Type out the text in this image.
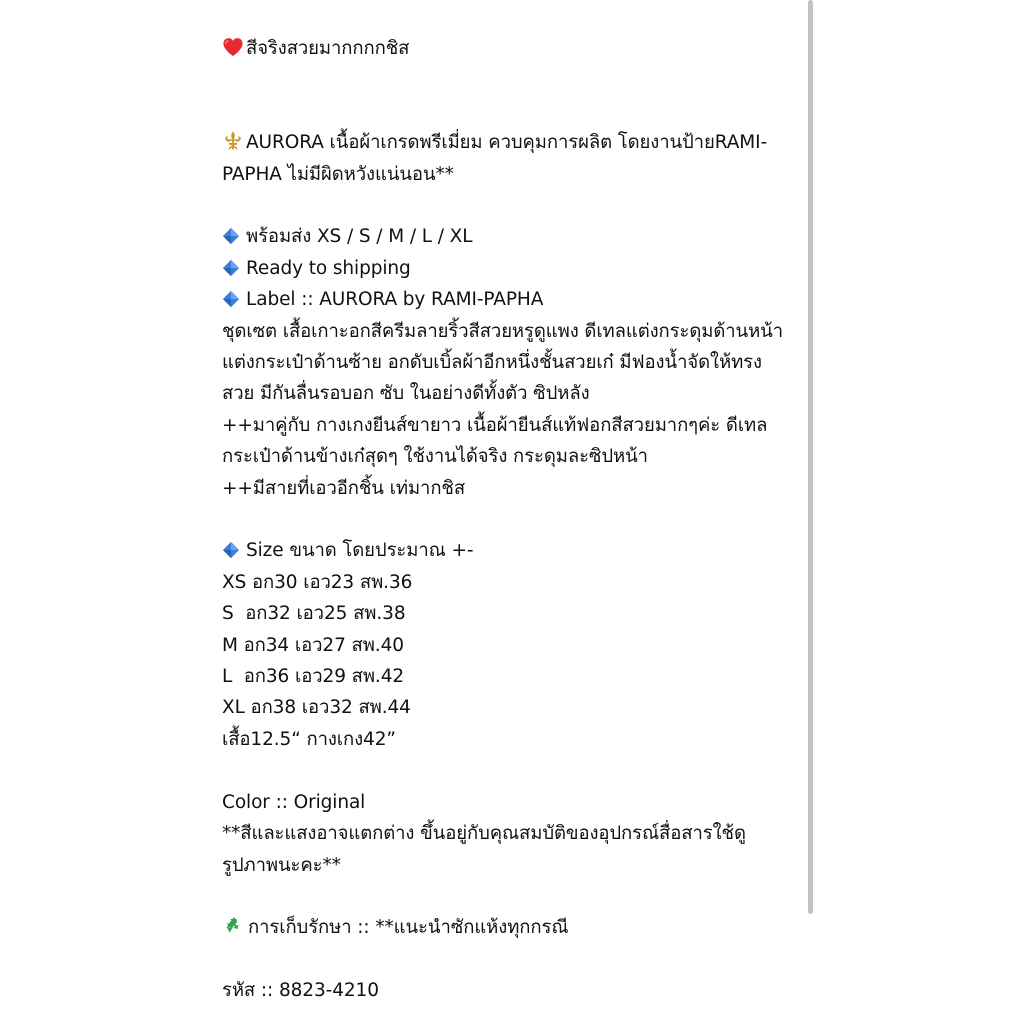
สีจริงสวยมากกกกชิส
AURORA เนื้อผ้าเกรดพรีเมี่ยม ควบคุมการผลิต โดยงานป้ายRAMI-
PAPHA ไม่มีผิดหวังแน่นอน**
พร้อมส่ง XS / S / M / L / XL
Ready to shipping
Label :: AURORA by RAMI-PAPHA
ชุดเซต เสื้อเกาะอกสีครีมลายริ้วสีสวยหรูดูแพง ดีเทลแต่งกระดุมด้านหน้า
แต่งกระเป๋าด้านซ้าย อกดับเบิ้ลผ้าอีกหนึ่งชั้นสวยเก๋ มีฟองน้ำจัดให้ทรง
สวย มีกันลื่นรอบอก ซับ ในอย่างดีทั้งตัว ซิปหลัง
++มาคู่กับ กางเกงยีนส์ขายาว เนื้อผ้ายีนส์แท้ฟอกสีสวยมากๆค่ะ ดีเทล
กระเป๋าด้านข้างเก๋สุดๆ ใช้งานได้จริง กระดุมละซิปหน้า
++มีสายที่เอวอีกชิ้น เท่มากชิส
Size ขนาด โดยประมาณ +-
XS อก30 เอว23 สพ.36
S  อก32 เอว25 สพ.38
M อก34 เอว27 สพ.40
L  อก36 เอว29 สพ.42
XL อก38 เอว32 สพ.44
เสื้อ12.5“ กางเกง42”
Color :: Original
**สีและแสงอาจแตกต่าง ขึ้นอยู่กับคุณสมบัติของอุปกรณ์สื่อสารใช้ดู
รูปภาพนะคะ**
การเก็บรักษา :: **แนะนำซักแห้งทุกกรณี
รหัส :: 8823-4210
